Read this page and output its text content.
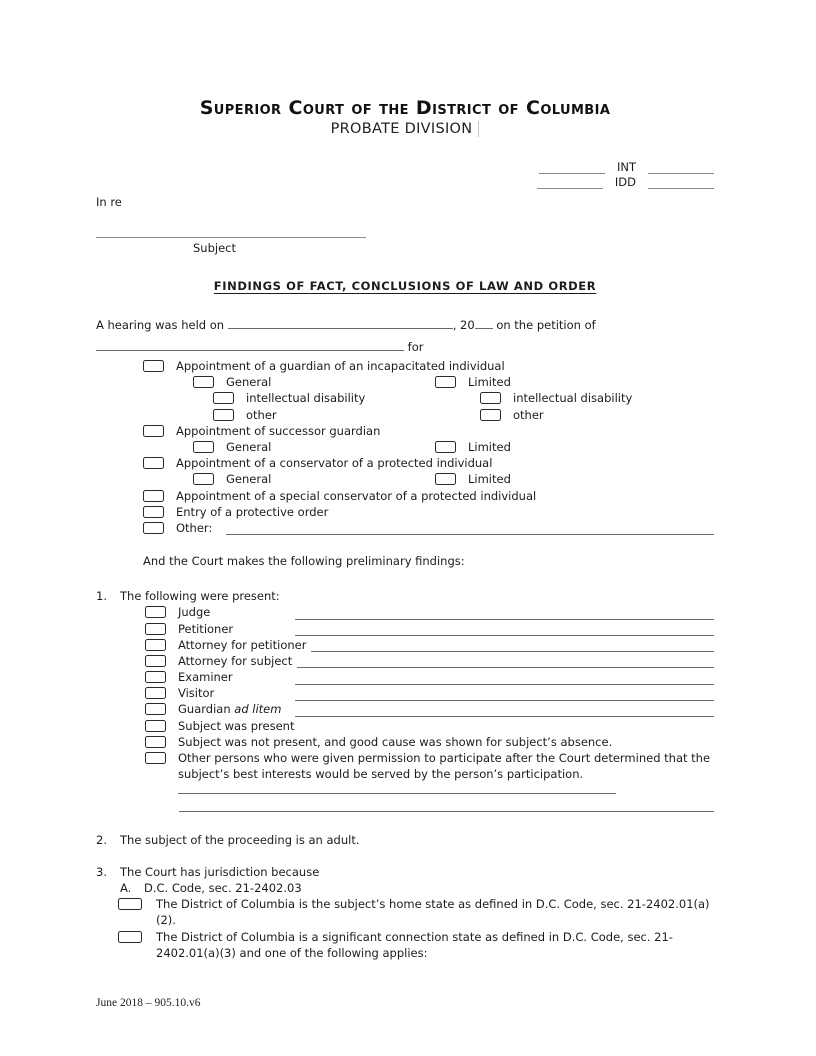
Superior Court of the District of Columbia
PROBATE DIVISION
INT
IDD
In re
Subject
FINDINGS OF FACT, CONCLUSIONS OF LAW AND ORDER
A hearing was held on	, 20 on the petition of
for
Appointment of a guardian of an incapacitated individual
General	Limited
intellectual disability	intellectual disability
other	other
Appointment of successor guardian
General	Limited
Appointment of a conservator of a protected individual
General	Limited
Appointment of a special conservator of a protected individual
Entry of a protective order
Other:
And the Court makes the following preliminary findings:
1.	The following were present:
Judge
Petitioner
Attorney for petitioner
Attorney for subject
Examiner
Visitor
Guardian ad litem
Subject was present
Subject was not present, and good cause was shown for subject’s absence.
Other persons who were given permission to participate after the Court determined that the subject’s best interests would be served by the person’s participation.
2.	The subject of the proceeding is an adult.
3.	The Court has jurisdiction because
A.	D.C. Code, sec. 21-2402.03
The District of Columbia is the subject’s home state as defined in D.C. Code, sec. 21-2402.01(a)(2).
The District of Columbia is a significant connection state as defined in D.C. Code, sec. 21-2402.01(a)(3) and one of the following applies:
June 2018 – 905.10.v6
